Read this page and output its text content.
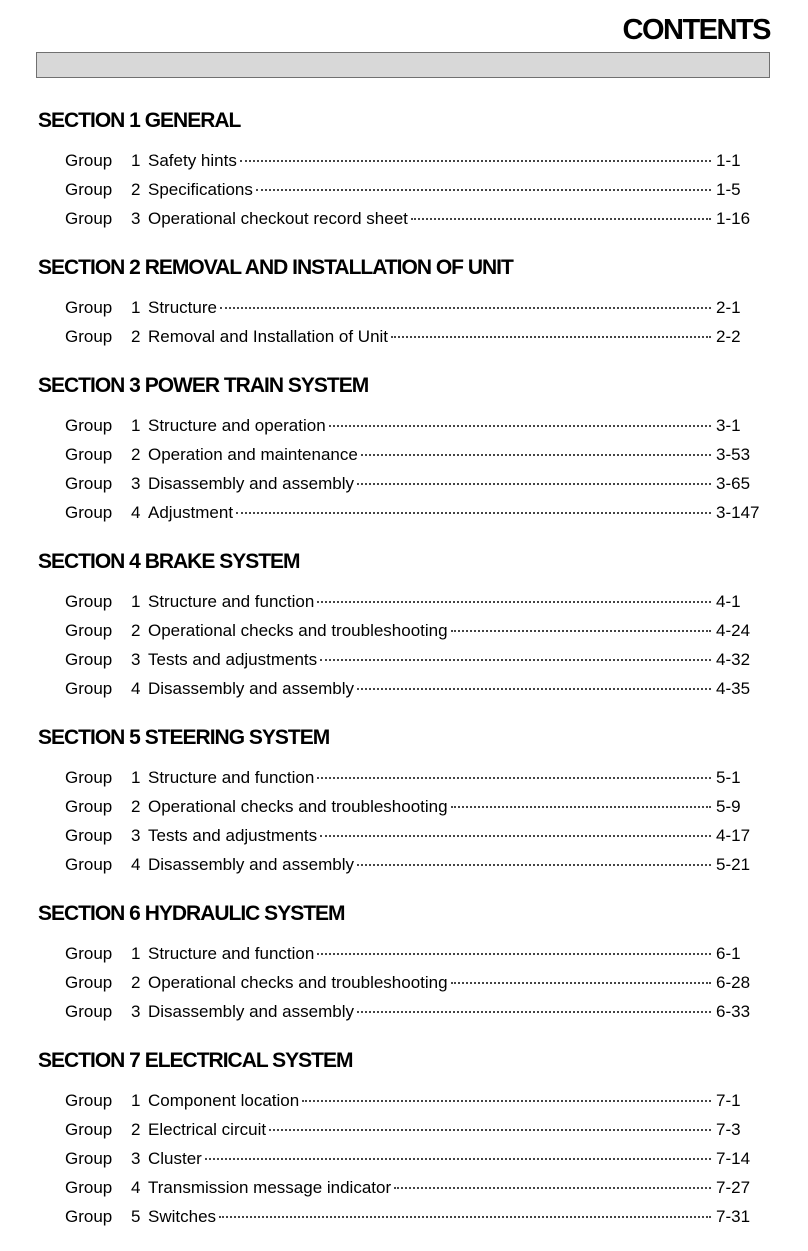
CONTENTS
SECTION 1 GENERAL
Group	1 Safety hints	1-1
Group	2 Specifications	1-5
Group	3 Operational checkout record sheet	1-16
SECTION 2 REMOVAL AND INSTALLATION OF UNIT
Group	1 Structure	2-1
Group	2 Removal and Installation of Unit	2-2
SECTION 3 POWER TRAIN SYSTEM
Group	1 Structure and operation	3-1
Group	2 Operation and maintenance	3-53
Group	3 Disassembly and assembly	3-65
Group	4 Adjustment	3-147
SECTION 4 BRAKE SYSTEM
Group	1 Structure and function	4-1
Group	2 Operational checks and troubleshooting	4-24
Group	3 Tests and adjustments	4-32
Group	4 Disassembly and assembly	4-35
SECTION 5 STEERING SYSTEM
Group	1 Structure and function	5-1
Group	2 Operational checks and troubleshooting	5-9
Group	3 Tests and adjustments	4-17
Group	4 Disassembly and assembly	5-21
SECTION 6 HYDRAULIC SYSTEM
Group	1 Structure and function	6-1
Group	2 Operational checks and troubleshooting	6-28
Group	3 Disassembly and assembly	6-33
SECTION 7 ELECTRICAL SYSTEM
Group	1 Component location	7-1
Group	2 Electrical circuit	7-3
Group	3 Cluster	7-14
Group	4 Transmission message indicator	7-27
Group	5 Switches	7-31
